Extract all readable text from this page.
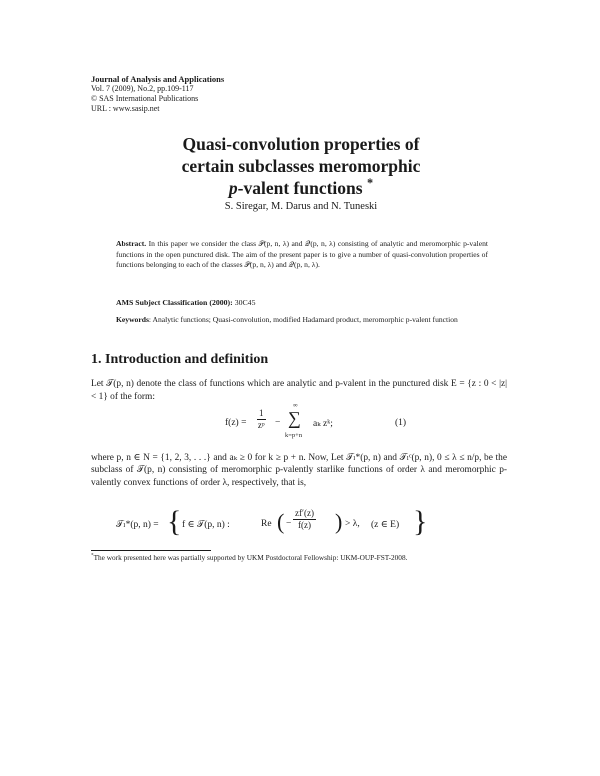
Journal of Analysis and Applications
Vol. 7 (2009), No.2, pp.109-117
© SAS International Publications
URL : www.sasip.net
Quasi-convolution properties of
certain subclasses meromorphic
p-valent functions *
S. Siregar, M. Darus and N. Tuneski
Abstract. In this paper we consider the class 𝒫(p, n, λ) and 𝒬(p, n, λ) consisting of analytic and meromorphic p-valent functions in the open punctured disk. The aim of the present paper is to give a number of quasi-convolution properties of functions belonging to each of the classes 𝒫(p, n, λ) and 𝒬(p, n, λ).
AMS Subject Classification (2000): 30C45
Keywords: Analytic functions; Quasi-convolution, modified Hadamard product, meromorphic p-valent function
1. Introduction and definition
Let 𝒯(p, n) denote the class of functions which are analytic and p-valent in the punctured disk E = {z : 0 < |z| < 1} of the form:
$f(z) = \frac{1}{\text{zᵖ}}$ −
∞
∑
k=p+n
aₖ zᵏ;	(1)
where p, n ∈ N = {1, 2, 3, . . .} and aₖ ≥ 0 for k ≥ p + n. Now, Let 𝒯ₗ*(p, n) and 𝒯ₗᶜ(p, n), 0 ≤ λ ≤ n/p, be the subclass of 𝒯(p, n) consisting of meromorphic p-valently starlike functions of order λ and meromorphic p-valently convex functions of order λ, respectively, that is,
𝒯ₗ*(p, n) = { f ∈ 𝒯(p, n) :	Re ( − $\frac{zf'(z)}{f(z)}$ ) > λ, (z ∈ E) }
*The work presented here was partially supported by UKM Postdoctoral Fellowship: UKM-OUP-FST-2008.
